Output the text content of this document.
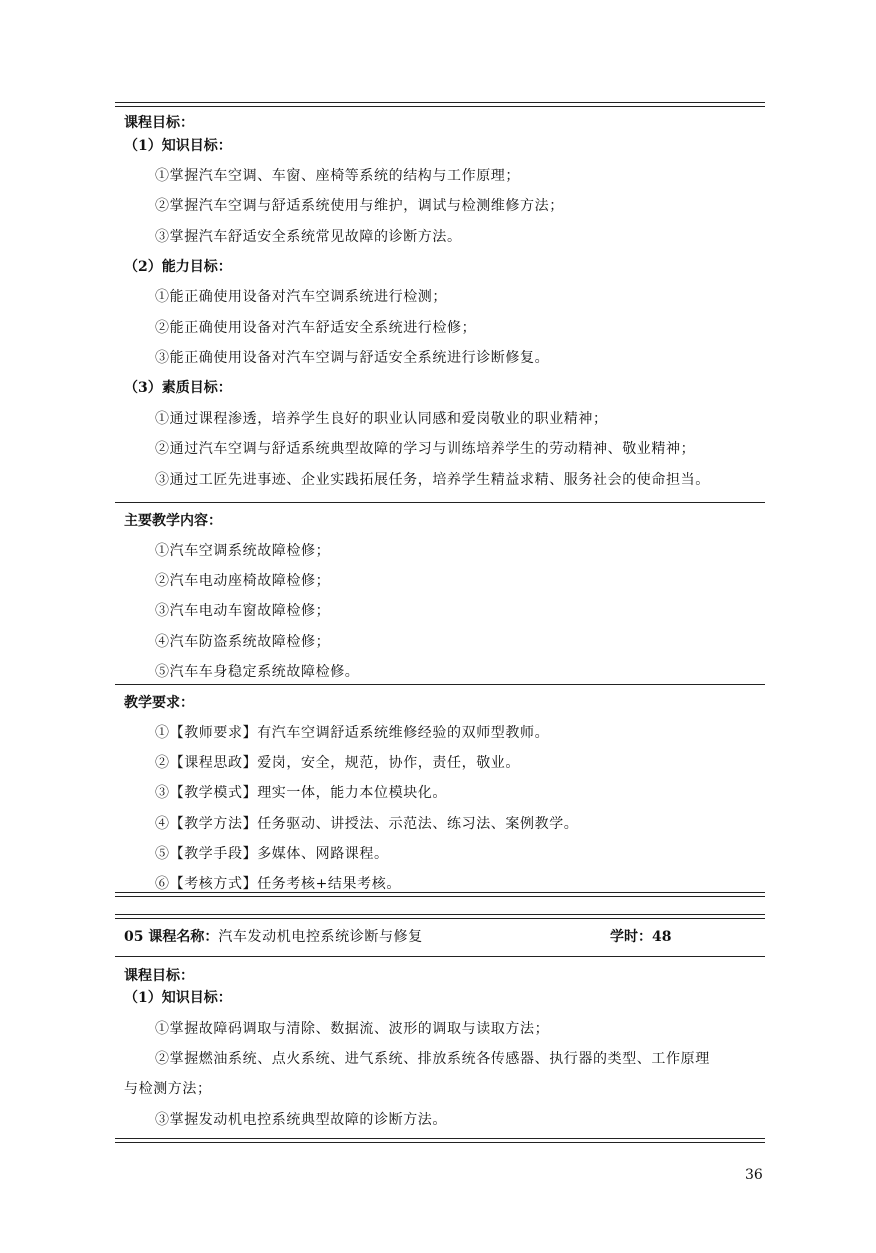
课程目标：
（1）知识目标：
①掌握汽车空调、车窗、座椅等系统的结构与工作原理；
②掌握汽车空调与舒适系统使用与维护，调试与检测维修方法；
③掌握汽车舒适安全系统常见故障的诊断方法。
（2）能力目标：
①能正确使用设备对汽车空调系统进行检测；
②能正确使用设备对汽车舒适安全系统进行检修；
③能正确使用设备对汽车空调与舒适安全系统进行诊断修复。
（3）素质目标：
①通过课程渗透，培养学生良好的职业认同感和爱岗敬业的职业精神；
②通过汽车空调与舒适系统典型故障的学习与训练培养学生的劳动精神、敬业精神；
③通过工匠先进事迹、企业实践拓展任务，培养学生精益求精、服务社会的使命担当。
主要教学内容：
①汽车空调系统故障检修；
②汽车电动座椅故障检修；
③汽车电动车窗故障检修；
④汽车防盗系统故障检修；
⑤汽车车身稳定系统故障检修。
教学要求：
①【教师要求】有汽车空调舒适系统维修经验的双师型教师。
②【课程思政】爱岗，安全，规范，协作，责任，敬业。
③【教学模式】理实一体，能力本位模块化。
④【教学方法】任务驱动、讲授法、示范法、练习法、案例教学。
⑤【教学手段】多媒体、网路课程。
⑥【考核方式】任务考核+结果考核。
05 课程名称：汽车发动机电控系统诊断与修复	学时：48
课程目标：
（1）知识目标：
①掌握故障码调取与清除、数据流、波形的调取与读取方法；
②掌握燃油系统、点火系统、进气系统、排放系统各传感器、执行器的类型、工作原理
与检测方法；
③掌握发动机电控系统典型故障的诊断方法。
36
